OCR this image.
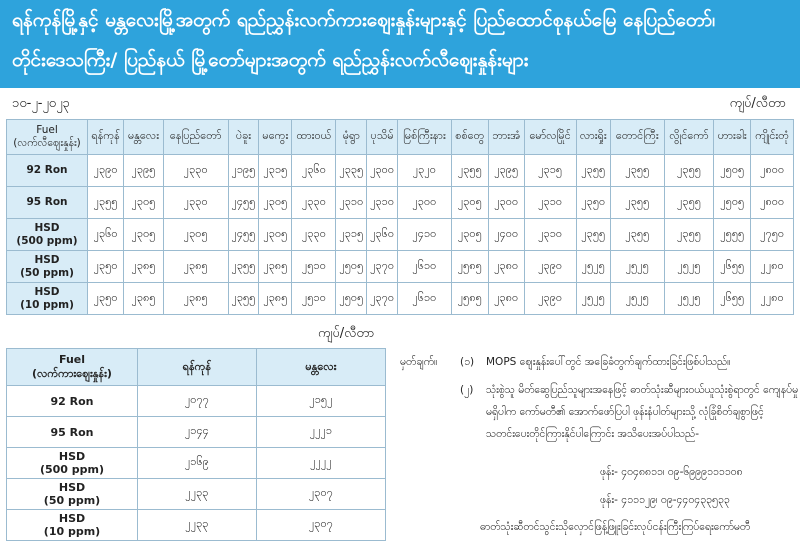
ရန်ကုန်မြို့နှင့် မန္တလေးမြို့အတွက် ရည်ညွှန်းလက်ကားဈေးနှုန်းများနှင့် ပြည်ထောင်စုနယ်မြေ နေပြည်တော်၊
တိုင်းဒေသကြီး/ ပြည်နယ် မြို့တော်များအတွက် ရည်ညွှန်းလက်လီဈေးနှုန်းများ
၁၀-၂-၂၀၂၃	ကျပ်/လီတာ
Fuel
(လက်လီဈေးနှုန်း)	ရန်ကုန်	မန္တလေး	နေပြည်တော်	ပဲခူး	မကွေး	ထားဝယ်	မုံရွာ	ပုသိမ်	မြစ်ကြီးနား	စစ်တွေ	ဘားအံ	မော်လမြိုင်	လားရှိုး	တောင်ကြီး	လွိုင်ကော်	ဟားခါး	ကျိုင်းတုံ

92 Ron	၂၃၉၀	၂၃၉၅	၂၃၃၀	၂၁၉၅	၂၃၁၅	၂၃၆၀	၂၃၃၅	၂၃၀၀	၂၃၂၀	၂၃၅၅	၂၃၉၅	၂၃၁၅	၂၃၅၅	၂၃၅၅	၂၃၅၅	၂၅၀၅	၂၈၀၀

95 Ron	၂၃၅၅	၂၃၀၅	၂၃၃၀	၂၄၅၅	၂၃၀၅	၂၃၃၀	၂၃၁၀	၂၃၁၀	၂၃၀၀	၂၃၀၅	၂၃၀၀	၂၃၁၀	၂၃၅၀	၂၃၅၅	၂၃၅၅	၂၅၀၅	၂၈၀၀

HSD
(500 ppm)	၂၃၆၀	၂၃၀၅	၂၃၀၅	၂၄၅၅	၂၃၀၅	၂၃၃၀	၂၃၁၅	၂၃၆၀	၂၄၁၀	၂၃၀၅	၂၄၀၀	၂၃၁၀	၂၃၅၅	၂၃၅၅	၂၃၅၅	၂၅၅၅	၂၇၅၀

HSD
(50 ppm)	၂၃၅၀	၂၃၈၅	၂၃၈၅	၂၃၅၅	၂၃၈၅	၂၅၁၀	၂၅၀၅	၂၃၇၀	၂၆၁၀	၂၅၈၅	၂၃၈၀	၂၃၉၀	၂၅၂၅	၂၅၂၅	၂၅၂၅	၂၆၅၅	၂၂၈၀

HSD
(10 ppm)	၂၃၅၀	၂၃၈၅	၂၃၈၅	၂၃၅၅	၂၃၈၅	၂၅၁၀	၂၅၀၅	၂၃၇၀	၂၆၁၀	၂၅၈၅	၂၃၈၀	၂၃၉၀	၂၅၂၅	၂၅၂၅	၂၅၂၅	၂၆၅၅	၂၂၈၀
ကျပ်/လီတာ
Fuel
(လက်ကားဈေးနှုန်း)	ရန်ကုန်	မန္တလေး

92 Ron	၂၀၇၇	၂၁၅၂

95 Ron	၂၁၄၄	၂၂၂၁

HSD
(500 ppm)	၂၁၆၉	၂၂၂၂

HSD
(50 ppm)	၂၂၃၃	၂၃၀၇

HSD
(10 ppm)	၂၂၃၃	၂၃၀၇
မှတ်ချက်။ (၁) MOPS ဈေးနှုန်းပေါ်တွင် အခြေခံတွက်ချက်ထားခြင်းဖြစ်ပါသည်။
(၂) သုံးစွဲသူ မိတ်ဆွေပြည်သူများအနေဖြင့် ဓာတ်သုံးဆီများဝယ်ယူသုံးစွဲရာတွင် ကျေနပ်မှု
မရှိပါက ကော်မတီ၏ အောက်ဖော်ပြပါ ဖုန်းနံပါတ်များသို့ လုံခြုံစိတ်ချစွာဖြင့်
သတင်းပေးတိုင်ကြားနိုင်ပါကြောင်း အသိပေးအပ်ပါသည်-
ဖုန်း- ၄၀၄၈၈၁၁၊ ၀၉-၆၉၉၉၁၁၁၁၀၈
ဖုန်း- ၄၁၁၁၂၉၊ ၀၉-၄၄၀၄၃၃၅၃၃
ဓာတ်သုံးဆီတင်သွင်းသိုလှောင်ဖြန့်ဖြူးခြင်းလုပ်ငန်းကြီးကြပ်ရေးကော်မတီ
